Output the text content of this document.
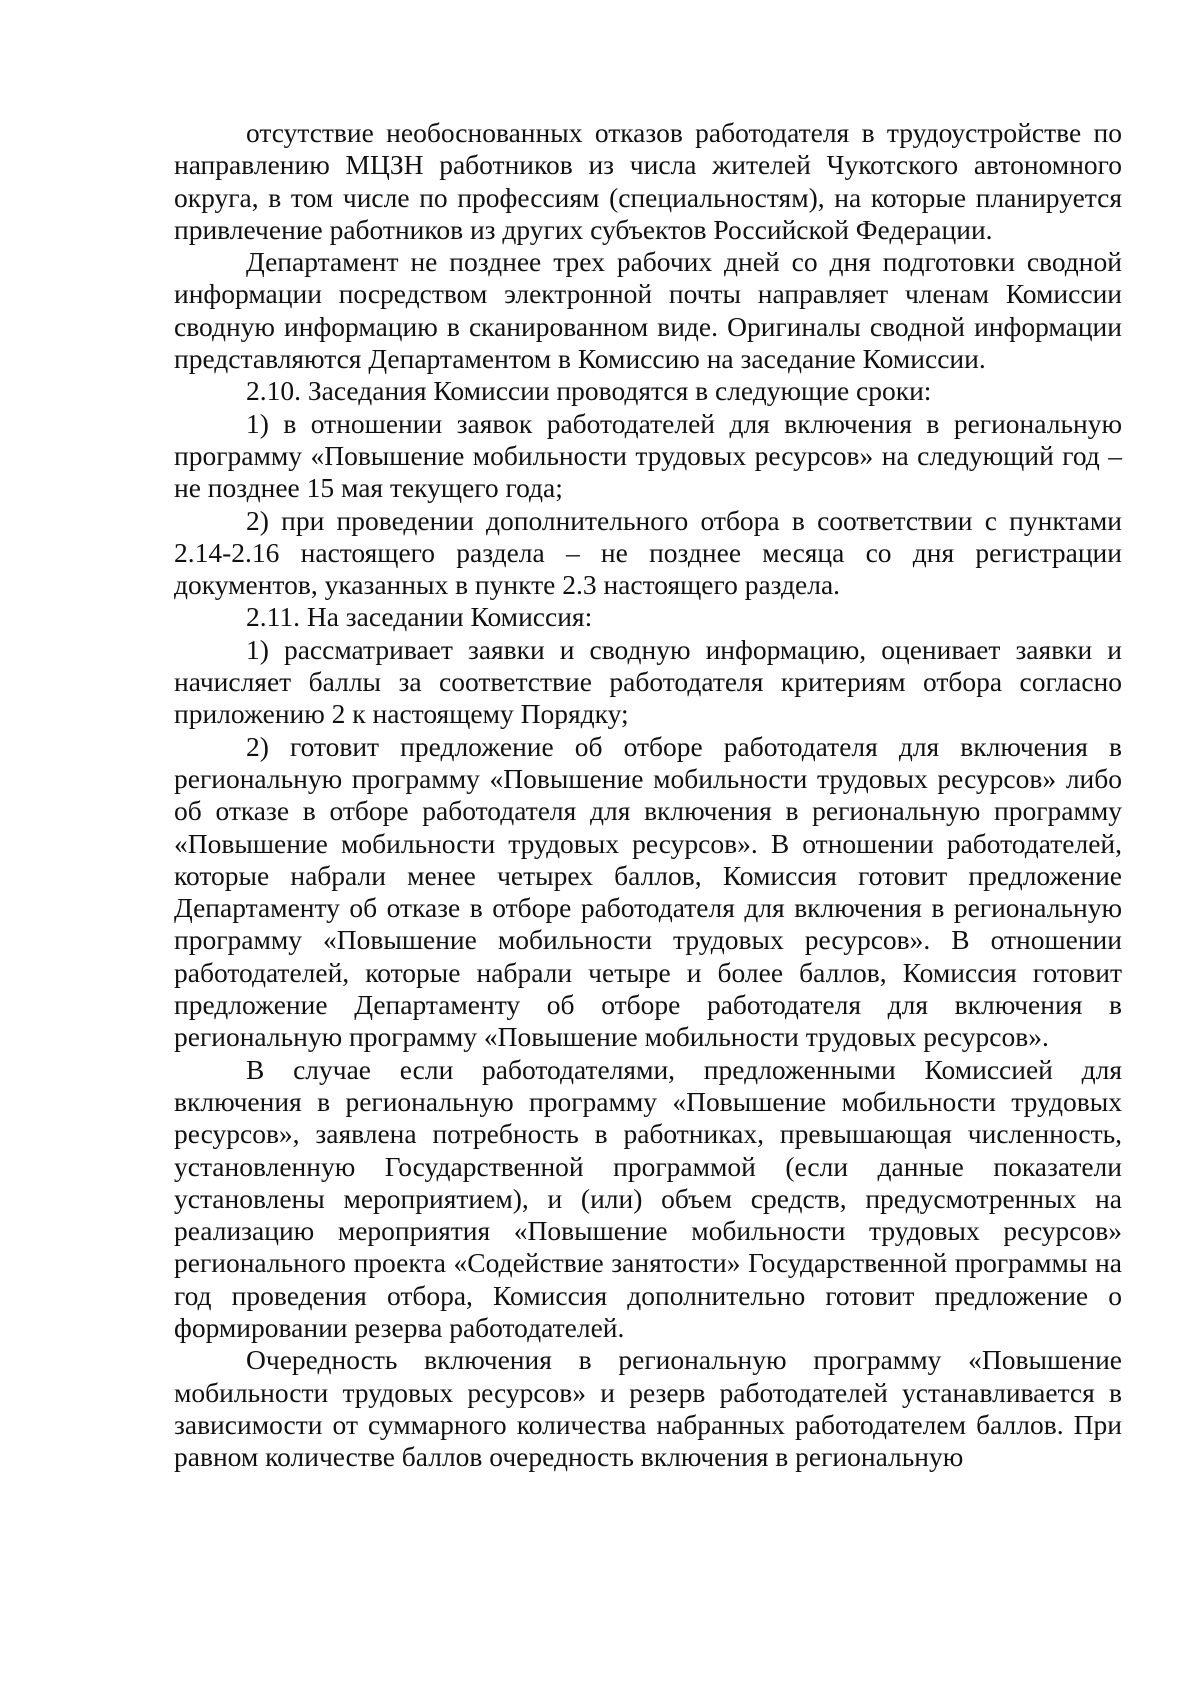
отсутствие необоснованных отказов работодателя в трудоустройстве по направлению МЦЗН работников из числа жителей Чукотского автономного округа, в том числе по профессиям (специальностям), на которые планируется привлечение работников из других субъектов Российской Федерации.

Департамент не позднее трех рабочих дней со дня подготовки сводной информации посредством электронной почты направляет членам Комиссии сводную информацию в сканированном виде. Оригиналы сводной информации представляются Департаментом в Комиссию на заседание Комиссии.

2.10. Заседания Комиссии проводятся в следующие сроки:

1) в отношении заявок работодателей для включения в региональную программу «Повышение мобильности трудовых ресурсов» на следующий год – не позднее 15 мая текущего года;

2) при проведении дополнительного отбора в соответствии с пунктами 2.14-2.16 настоящего раздела – не позднее месяца со дня регистрации документов, указанных в пункте 2.3 настоящего раздела.

2.11. На заседании Комиссия:

1) рассматривает заявки и сводную информацию, оценивает заявки и начисляет баллы за соответствие работодателя критериям отбора согласно приложению 2 к настоящему Порядку;

2) готовит предложение об отборе работодателя для включения в региональную программу «Повышение мобильности трудовых ресурсов» либо об отказе в отборе работодателя для включения в региональную программу «Повышение мобильности трудовых ресурсов». В отношении работодателей, которые набрали менее четырех баллов, Комиссия готовит предложение Департаменту об отказе в отборе работодателя для включения в региональную программу «Повышение мобильности трудовых ресурсов». В отношении работодателей, которые набрали четыре и более баллов, Комиссия готовит предложение Департаменту об отборе работодателя для включения в региональную программу «Повышение мобильности трудовых ресурсов».

В случае если работодателями, предложенными Комиссией для включения в региональную программу «Повышение мобильности трудовых ресурсов», заявлена потребность в работниках, превышающая численность, установленную Государственной программой (если данные показатели установлены мероприятием), и (или) объем средств, предусмотренных на реализацию мероприятия «Повышение мобильности трудовых ресурсов» регионального проекта «Содействие занятости» Государственной программы на год проведения отбора, Комиссия дополнительно готовит предложение о формировании резерва работодателей.

Очередность включения в региональную программу «Повышение мобильности трудовых ресурсов» и резерв работодателей устанавливается в зависимости от суммарного количества набранных работодателем баллов. При равном количестве баллов очередность включения в региональную
